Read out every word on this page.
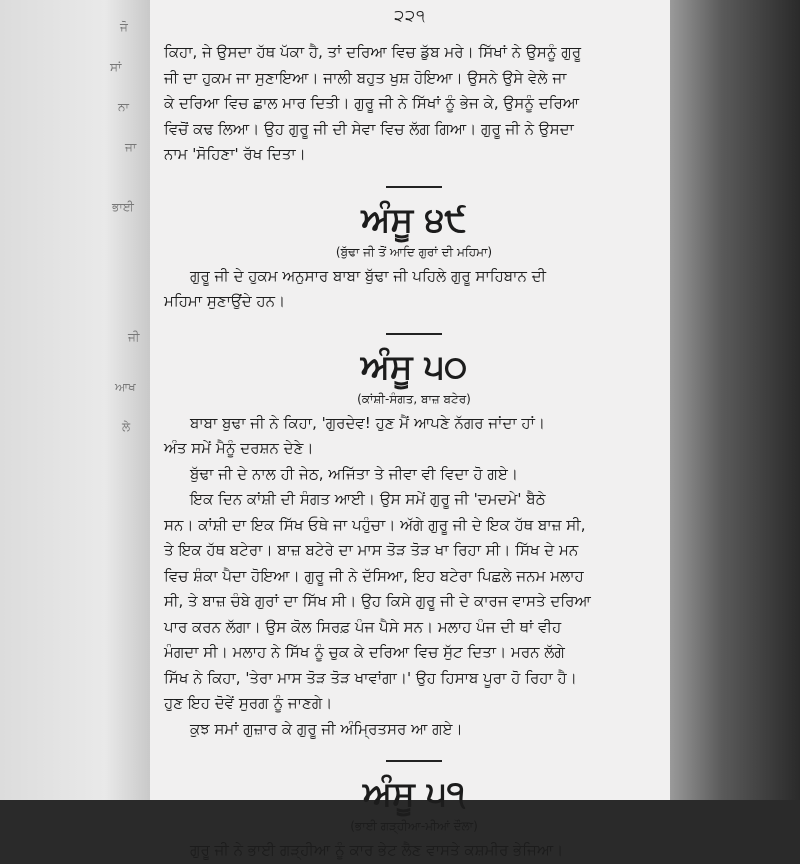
ਜੋ
ਸਾਂ
ਨਾ
ਜਾ
ਭਾਈ
ਜੀ
ਆਖ
ਲੇ
੨੨੧
ਕਿਹਾ, ਜੇ ਉਸਦਾ ਹੱਥ ਪੱਕਾ ਹੈ, ਤਾਂ ਦਰਿਆ ਵਿਚ ਡੁੱਬ ਮਰੇ। ਸਿੱਖਾਂ ਨੇ ਉਸਨੂੰ ਗੁਰੂ
ਜੀ ਦਾ ਹੁਕਮ ਜਾ ਸੁਣਾਇਆ। ਜਾਲੀ ਬਹੁਤ ਖੁਸ਼ ਹੋਇਆ। ਉਸਨੇ ਉਸੇ ਵੇਲੇ ਜਾ
ਕੇ ਦਰਿਆ ਵਿਚ ਛਾਲ ਮਾਰ ਦਿਤੀ। ਗੁਰੂ ਜੀ ਨੇ ਸਿੱਖਾਂ ਨੂੰ ਭੇਜ ਕੇ, ਉਸਨੂੰ ਦਰਿਆ
ਵਿਚੋਂ ਕਢ ਲਿਆ। ਉਹ ਗੁਰੂ ਜੀ ਦੀ ਸੇਵਾ ਵਿਚ ਲੱਗ ਗਿਆ। ਗੁਰੂ ਜੀ ਨੇ ਉਸਦਾ
ਨਾਮ 'ਸੋਹਿਣਾ' ਰੱਖ ਦਿਤਾ।
ਅੰਸੂ ੪੯
(ਬੁੱਢਾ ਜੀ ਤੋਂ ਆਦਿ ਗੁਰਾਂ ਦੀ ਮਹਿਮਾ)
ਗੁਰੂ ਜੀ ਦੇ ਹੁਕਮ ਅਨੁਸਾਰ ਬਾਬਾ ਬੁੱਢਾ ਜੀ ਪਹਿਲੇ ਗੁਰੂ ਸਾਹਿਬਾਨ ਦੀ
ਮਹਿਮਾ ਸੁਣਾਉਂਦੇ ਹਨ।
ਅੰਸੂ ੫੦
(ਕਾਂਸ਼ੀ-ਸੰਗਤ, ਬਾਜ਼ ਬਟੇਰ)
ਬਾਬਾ ਬੁਢਾ ਜੀ ਨੇ ਕਿਹਾ, 'ਗੁਰਦੇਵ! ਹੁਣ ਮੈਂ ਆਪਣੇ ਨੱਗਰ ਜਾਂਦਾ ਹਾਂ।
ਅੰਤ ਸਮੇਂ ਮੈਨੂੰ ਦਰਸ਼ਨ ਦੇਣੇ।
ਬੁੱਢਾ ਜੀ ਦੇ ਨਾਲ ਹੀ ਜੇਠ, ਅਜਿੱਤਾ ਤੇ ਜੀਵਾ ਵੀ ਵਿਦਾ ਹੋ ਗਏ।
ਇਕ ਦਿਨ ਕਾਂਸ਼ੀ ਦੀ ਸੰਗਤ ਆਈ। ਉਸ ਸਮੇਂ ਗੁਰੂ ਜੀ 'ਦਮਦਮੇ' ਬੈਠੇ
ਸਨ। ਕਾਂਸ਼ੀ ਦਾ ਇਕ ਸਿੱਖ ਓਥੇ ਜਾ ਪਹੁੰਚਾ। ਅੱਗੇ ਗੁਰੂ ਜੀ ਦੇ ਇਕ ਹੱਥ ਬਾਜ਼ ਸੀ,
ਤੇ ਇਕ ਹੱਥ ਬਟੇਰਾ। ਬਾਜ਼ ਬਟੇਰੇ ਦਾ ਮਾਸ ਤੋੜ ਤੋੜ ਖਾ ਰਿਹਾ ਸੀ। ਸਿੱਖ ਦੇ ਮਨ
ਵਿਚ ਸ਼ੰਕਾ ਪੈਦਾ ਹੋਇਆ। ਗੁਰੂ ਜੀ ਨੇ ਦੱਸਿਆ, ਇਹ ਬਟੇਰਾ ਪਿਛਲੇ ਜਨਮ ਮਲਾਹ
ਸੀ, ਤੇ ਬਾਜ਼ ਚੰਬੇ ਗੁਰਾਂ ਦਾ ਸਿੱਖ ਸੀ। ਉਹ ਕਿਸੇ ਗੁਰੂ ਜੀ ਦੇ ਕਾਰਜ ਵਾਸਤੇ ਦਰਿਆ
ਪਾਰ ਕਰਨ ਲੱਗਾ। ਉਸ ਕੋਲ ਸਿਰਫ਼ ਪੰਜ ਪੈਸੇ ਸਨ। ਮਲਾਹ ਪੰਜ ਦੀ ਥਾਂ ਵੀਹ
ਮੰਗਦਾ ਸੀ। ਮਲਾਹ ਨੇ ਸਿੱਖ ਨੂੰ ਚੁਕ ਕੇ ਦਰਿਆ ਵਿਚ ਸੁੱਟ ਦਿਤਾ। ਮਰਨ ਲੱਗੇ
ਸਿੱਖ ਨੇ ਕਿਹਾ, 'ਤੇਰਾ ਮਾਸ ਤੋੜ ਤੋੜ ਖਾਵਾਂਗਾ।' ਉਹ ਹਿਸਾਬ ਪੂਰਾ ਹੋ ਰਿਹਾ ਹੈ।
ਹੁਣ ਇਹ ਦੋਵੇਂ ਸੁਰਗ ਨੂੰ ਜਾਣਗੇ।
ਕੁਝ ਸਮਾਂ ਗੁਜ਼ਾਰ ਕੇ ਗੁਰੂ ਜੀ ਅੰਮ੍ਰਿਤਸਰ ਆ ਗਏ।
ਅੰਸੂ ੫੧
(ਭਾਈ ਗੜ੍ਹੀਆ-ਮੀਆਂ ਦੌਲਾ)
ਗੁਰੂ ਜੀ ਨੇ ਭਾਈ ਗੜ੍ਹੀਆ ਨੂੰ ਕਾਰ ਭੇਟ ਲੈਣ ਵਾਸਤੇ ਕਸ਼ਮੀਰ ਭੇਜਿਆ।
